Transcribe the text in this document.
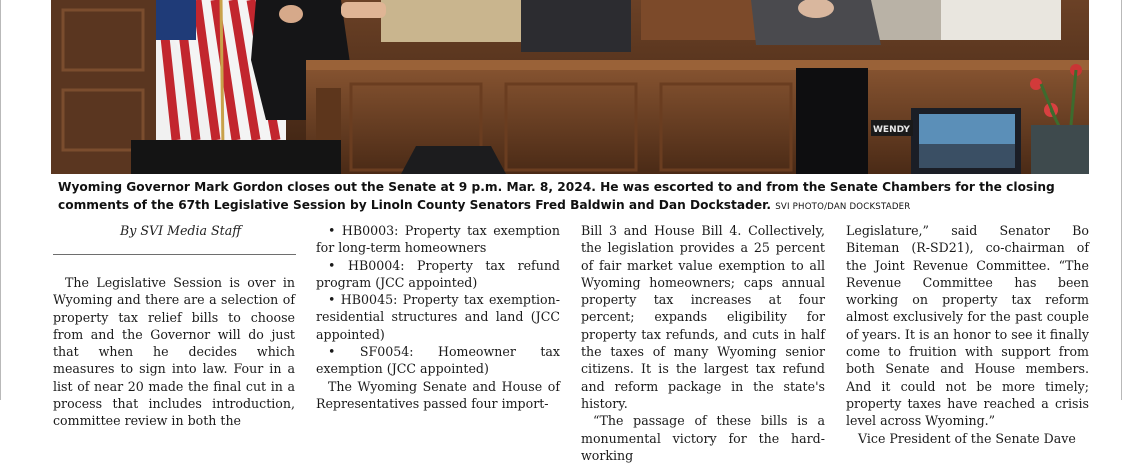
WENDY
Wyoming Governor Mark Gordon closes out the Senate at 9 p.m. Mar. 8, 2024. He was escorted to and from the Senate Chambers for the closing comments of the 67th Legislative Session by Linoln County Senators Fred Baldwin and Dan Dockstader. SVI PHOTO/DAN DOCKSTADER
By SVI Media Staff

The Legislative Session is over in Wyoming and there are a selection of property tax relief bills to choose from and the Governor will do just that when he decides which measures to sign into law. Four in a list of near 20 made the final cut in a process that includes introduction, committee review in both the

• HB0003: Property tax exemption for long-term homeowners

• HB0004: Property tax refund program (JCC appointed)

• HB0045: Property tax exemption-residential structures and land (JCC appointed)

• SF0054: Homeowner tax exemption (JCC appointed)

The Wyoming Senate and House of Representatives passed four import-

Bill 3 and House Bill 4. Collectively, the legislation provides a 25 percent of fair market value exemption to all Wyoming homeowners; caps annual property tax increases at four percent; expands eligibility for property tax refunds, and cuts in half the taxes of many Wyoming senior citizens. It is the largest tax refund and reform package in the state's history.

“The passage of these bills is a monumental victory for the hard-working

Legislature,” said Senator Bo Biteman (R-SD21), co-chairman of the Joint Revenue Committee. “The Revenue Committee has been working on property tax reform almost exclusively for the past couple of years. It is an honor to see it finally come to fruition with support from both Senate and House members. And it could not be more timely; property taxes have reached a crisis level across Wyoming.”

Vice President of the Senate Dave
